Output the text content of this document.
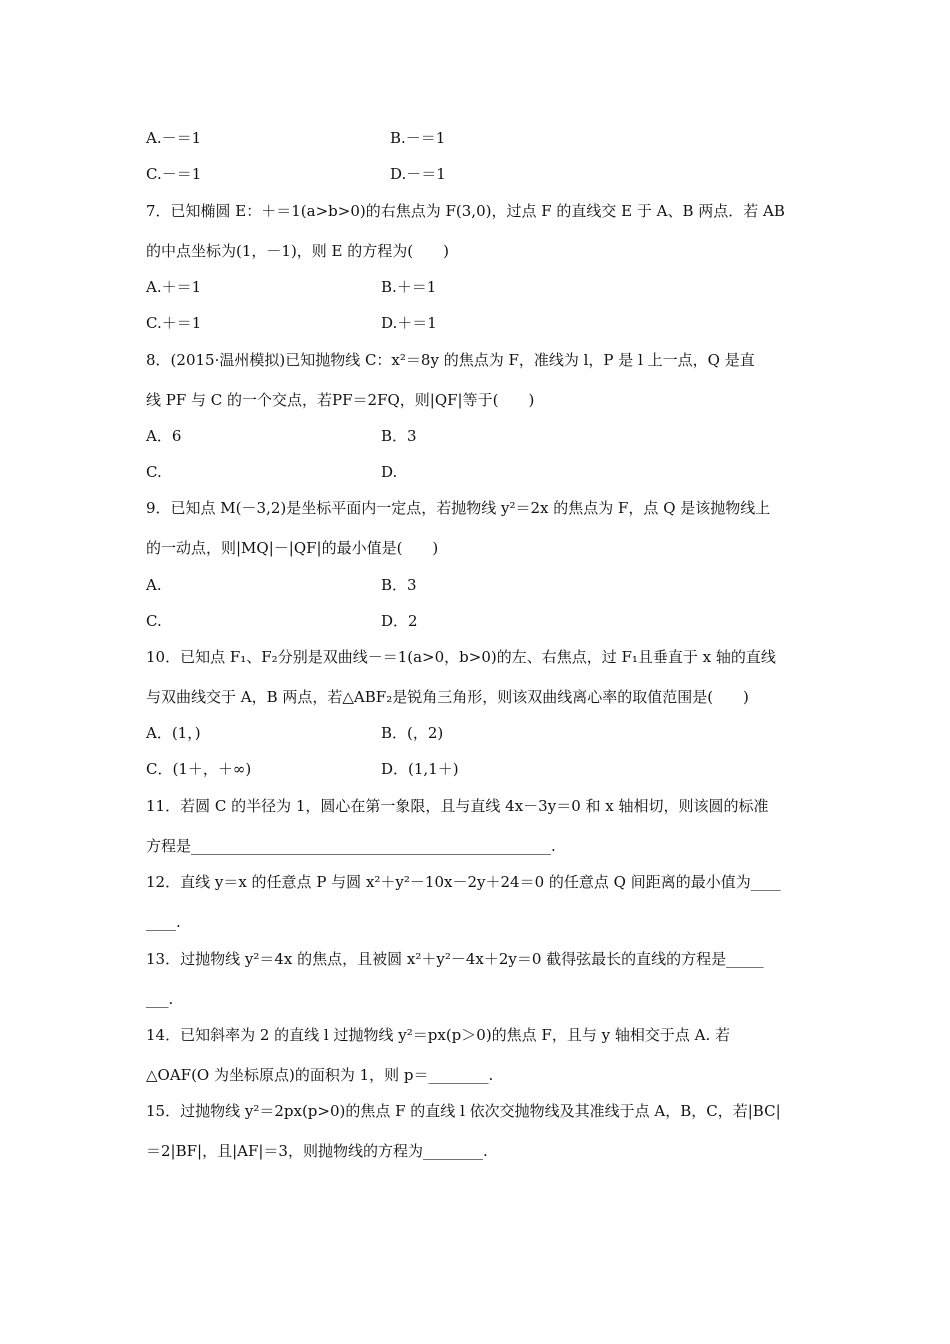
A.－＝1	B.－＝1
C.－＝1	D.－＝1
7．已知椭圆 E：＋＝1(a>b>0)的右焦点为 F(3,0)，过点 F 的直线交 E 于 A、B 两点．若 AB
的中点坐标为(1，－1)，则 E 的方程为(　　)
A.＋＝1	B.＋＝1
C.＋＝1	D.＋＝1
8．(2015·温州模拟)已知抛物线 C：x²＝8y 的焦点为 F，准线为 l，P 是 l 上一点，Q 是直
线 PF 与 C 的一个交点，若PF＝2FQ，则|QF|等于(　　)
A．6	B．3
C.	D.
9．已知点 M(－3,2)是坐标平面内一定点，若抛物线 y²＝2x 的焦点为 F，点 Q 是该抛物线上
的一动点，则|MQ|－|QF|的最小值是(　　)
A.	B．3
C.	D．2
10．已知点 F₁、F₂分别是双曲线－＝1(a>0，b>0)的左、右焦点，过 F₁且垂直于 x 轴的直线
与双曲线交于 A，B 两点，若△ABF₂是锐角三角形，则该双曲线离心率的取值范围是(　　)
A．(1，)	B．(，2)
C．(1＋，＋∞)	D．(1,1＋)
11．若圆 C 的半径为 1，圆心在第一象限，且与直线 4x－3y＝0 和 x 轴相切，则该圆的标准
方程是________________________________________________.
12．直线 y＝x 的任意点 P 与圆 x²＋y²－10x－2y＋24＝0 的任意点 Q 间距离的最小值为____
____.
13．过抛物线 y²＝4x 的焦点，且被圆 x²＋y²－4x＋2y＝0 截得弦最长的直线的方程是_____
___.
14．已知斜率为 2 的直线 l 过抛物线 y²＝px(p＞0)的焦点 F，且与 y 轴相交于点 A. 若
△OAF(O 为坐标原点)的面积为 1，则 p＝________.
15．过抛物线 y²＝2px(p>0)的焦点 F 的直线 l 依次交抛物线及其准线于点 A，B，C，若|BC|
＝2|BF|，且|AF|＝3，则抛物线的方程为________.
